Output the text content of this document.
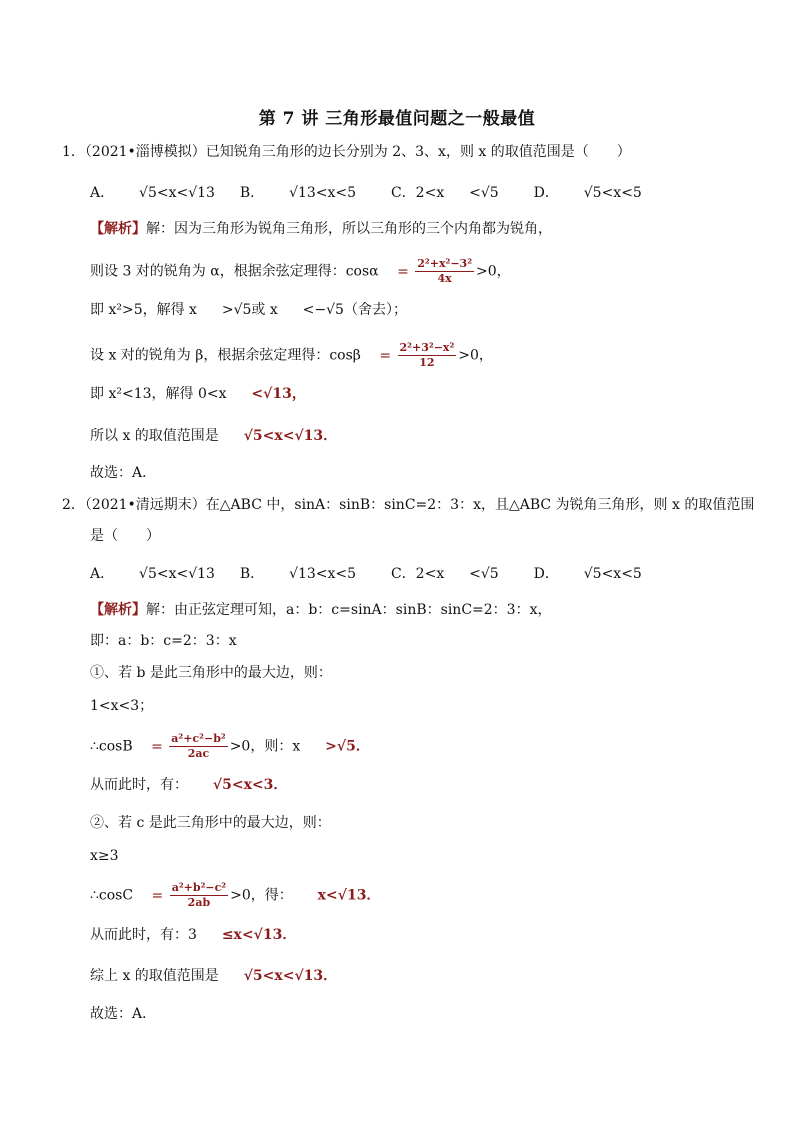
第 7 讲 三角形最值问题之一般最值
1．（2021•淄博模拟）已知锐角三角形的边长分别为 2、3、x，则 x 的取值范围是（　　）
A． √5<x<√13 B． √13<x<5 C．2<x <√5 D． √5<x<5
【解析】解：因为三角形为锐角三角形，所以三角形的三个内角都为锐角，
则设 3 对的锐角为 α，根据余弦定理得：$\cos\alpha = \frac{\text{2²+x²−3²}}{4x} >0$，
即 x²>5，解得 x >√5或 x <−√5（舍去）；
设 x 对的锐角为 β，根据余弦定理得：$\cos\beta = \frac{\text{2²+3²−x²}}{12} >0$，
即 x²<13，解得 0<x <√13，
所以 x 的取值范围是 √5<x<√13．
故选：A．
2．（2021•清远期末）在△ABC 中，sinA：sinB：sinC=2：3：x，且△ABC 为锐角三角形，则 x 的取值范围
是（　　）
A． √5<x<√13 B． √13<x<5 C．2<x <√5 D． √5<x<5
【解析】解：由正弦定理可知，a：b：c=sinA：sinB：sinC=2：3：x，
即：a：b：c=2：3：x
①、若 b 是此三角形中的最大边，则：
1<x<3；
∴cosB = $\frac{\text{a²+c²−b²}}{2ac} >0$，则：x >√5．
从而此时，有： √5<x<3．
②、若 c 是此三角形中的最大边，则：
x≥3
∴cosC = $\frac{\text{a²+b²−c²}}{2ab} >0$，得： x<√13．
从而此时，有：3 ≤x<√13．
综上 x 的取值范围是 √5<x<√13．
故选：A．
